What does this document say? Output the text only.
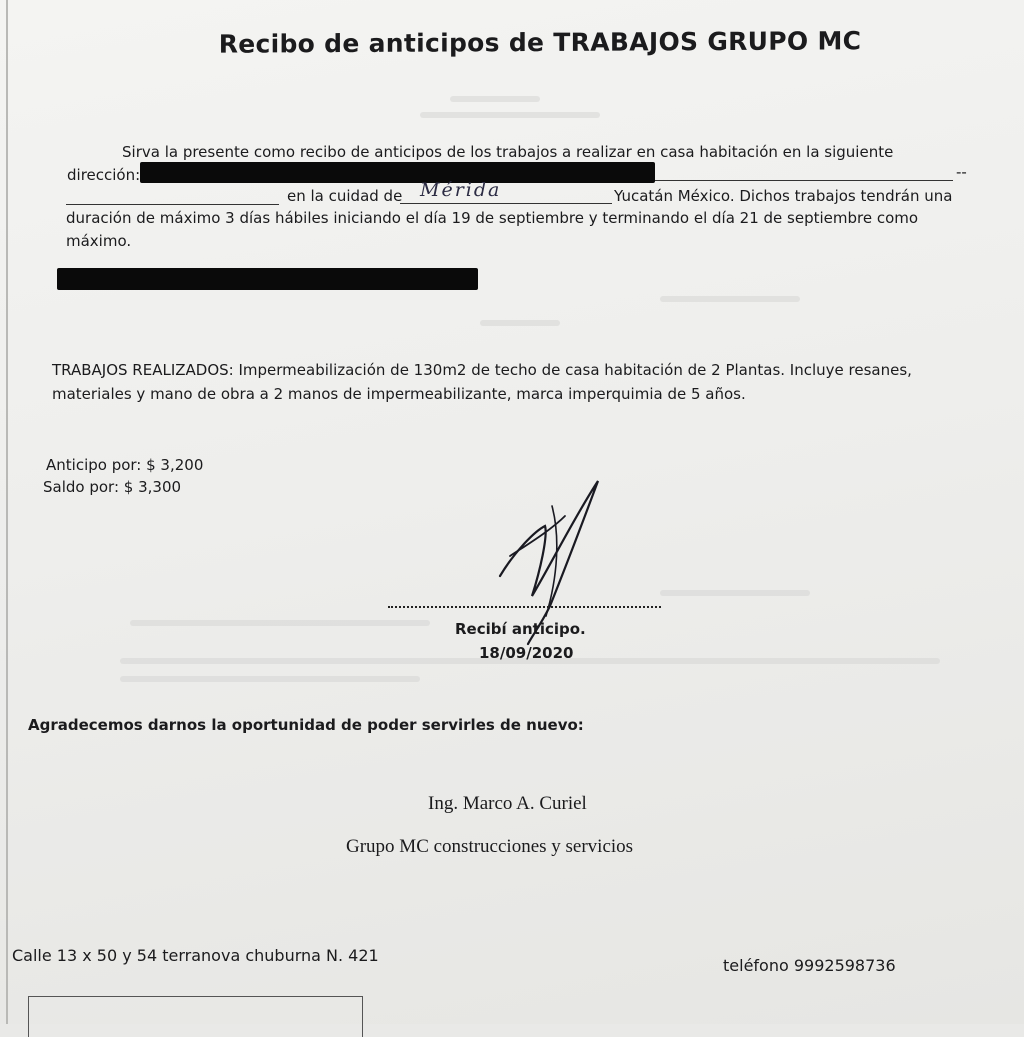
Recibo de anticipos de TRABAJOS GRUPO MC
Sirva la presente como recibo de anticipos de los trabajos a realizar en casa habitación en la siguiente
dirección:	--
en la cuidad de Mérida	Yucatán México. Dichos trabajos tendrán una
duración de máximo 3 días hábiles iniciando el día 19 de septiembre y terminando el día 21 de septiembre como
máximo.
TRABAJOS REALIZADOS: Impermeabilización de 130m2 de techo de casa habitación de 2 Plantas. Incluye resanes,
materiales y mano de obra a 2 manos de impermeabilizante, marca imperquimia de 5 años.
Anticipo por: $ 3,200
Saldo por: $ 3,300
Recibí anticipo.
18/09/2020
Agradecemos darnos la oportunidad de poder servirles de nuevo:
Ing. Marco A. Curiel
Grupo MC construcciones y servicios
Calle 13 x 50 y 54 terranova chuburna N. 421
teléfono 9992598736
